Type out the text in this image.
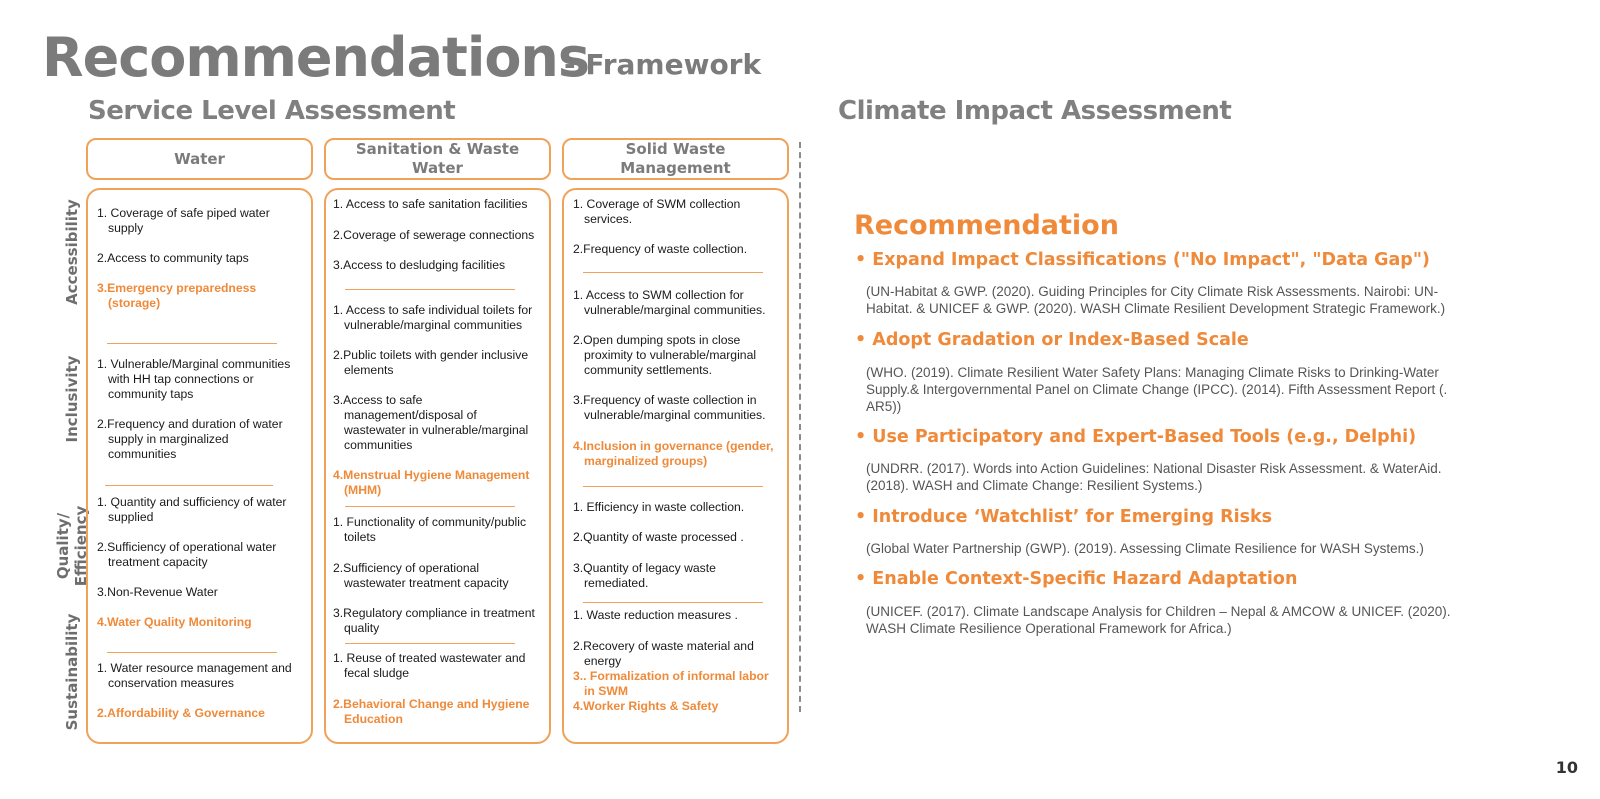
Recommendations
- Framework
Service Level Assessment	Climate Impact Assessment
Accessibility
Inclusivity
Quality/
Efficiency
Sustainability
Water
Sanitation & Waste
Water
Solid Waste
Management
1. Coverage of safe piped water
supply
2.Access to community taps
3.Emergency preparedness
(storage)
1. Vulnerable/Marginal communities
with HH tap connections or
community taps
2.Frequency and duration of water
supply in marginalized
communities
1. Quantity and sufficiency of water
supplied
2.Sufficiency of operational water
treatment capacity
3.Non-Revenue Water
4.Water Quality Monitoring
1. Water resource management and
conservation measures
2.Affordability & Governance
1. Access to safe sanitation facilities
2.Coverage of sewerage connections
3.Access to desludging facilities
1. Access to safe individual toilets for
vulnerable/marginal communities
2.Public toilets with gender inclusive
elements
3.Access to safe
management/disposal of
wastewater in vulnerable/marginal
communities
4.Menstrual Hygiene Management
(MHM)
1. Functionality of community/public
toilets
2.Sufficiency of operational
wastewater treatment capacity
3.Regulatory compliance in treatment
quality
1. Reuse of treated wastewater and
fecal sludge
2.Behavioral Change and Hygiene
Education
1. Coverage of SWM collection
services.
2.Frequency of waste collection.
1. Access to SWM collection for
vulnerable/marginal communities.
2.Open dumping spots in close
proximity to vulnerable/marginal
community settlements.
3.Frequency of waste collection in
vulnerable/marginal communities.
4.Inclusion in governance (gender,
marginalized groups)
1. Efficiency in waste collection.
2.Quantity of waste processed .
3.Quantity of legacy waste
remediated.
1. Waste reduction measures .
2.Recovery of waste material and
energy
3.. Formalization of informal labor
in SWM
4.Worker Rights & Safety
Recommendation
• Expand Impact Classifications ("No Impact", "Data Gap")
(UN-Habitat & GWP. (2020). Guiding Principles for City Climate Risk Assessments. Nairobi: UN-
Habitat. & UNICEF & GWP. (2020). WASH Climate Resilient Development Strategic Framework.)
• Adopt Gradation or Index-Based Scale
(WHO. (2019). Climate Resilient Water Safety Plans: Managing Climate Risks to Drinking-Water
Supply.& Intergovernmental Panel on Climate Change (IPCC). (2014). Fifth Assessment Report (.
AR5))
• Use Participatory and Expert-Based Tools (e.g., Delphi)
(UNDRR. (2017). Words into Action Guidelines: National Disaster Risk Assessment. & WaterAid.
(2018). WASH and Climate Change: Resilient Systems.)
• Introduce ‘Watchlist’ for Emerging Risks
(Global Water Partnership (GWP). (2019). Assessing Climate Resilience for WASH Systems.)
• Enable Context-Specific Hazard Adaptation
(UNICEF. (2017). Climate Landscape Analysis for Children – Nepal & AMCOW & UNICEF. (2020).
WASH Climate Resilience Operational Framework for Africa.)
10
